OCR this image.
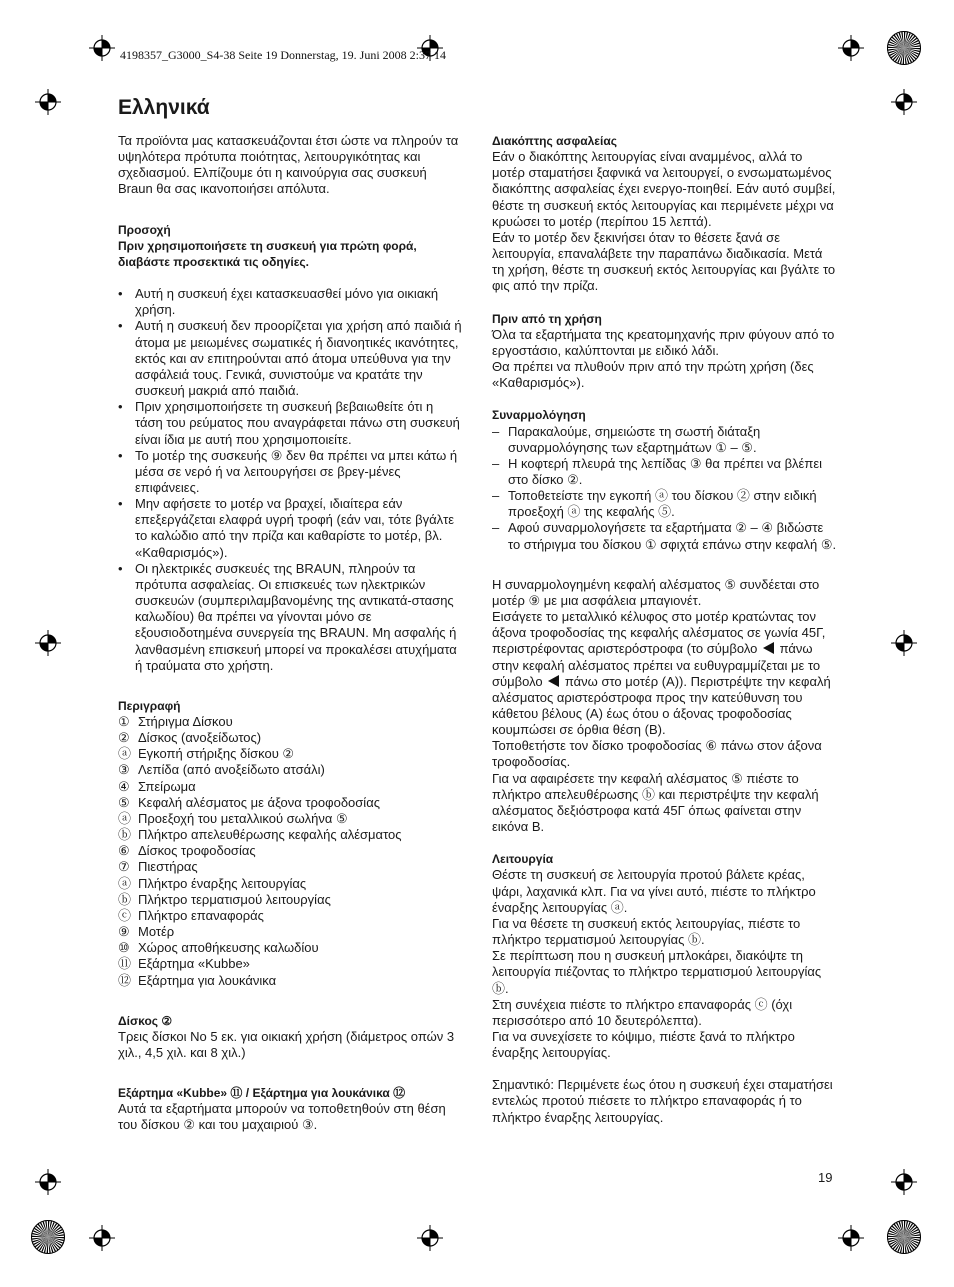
4198357_G3000_S4-38 Seite 19 Donnerstag, 19. Juni 2008 2:37 14
Ελληνικά

Τα προϊόντα μας κατασκευάζονται έτσι ώστε να πληρούν τα υψηλότερα πρότυπα ποιότητας, λειτουργικότητας και σχεδιασμού. Ελπίζουμε ότι η καινούργια σας συσκευή Braun θα σας ικανοποιήσει απόλυτα.

Προσοχή

Πριν χρησιμοποιήσετε τη συσκευή για πρώτη φορά, διαβάστε προσεκτικά τις οδηγίες.

• Αυτή η συσκευή έχει κατασκευασθεί μόνο για οικιακή χρήση.
• Αυτή η συσκευή δεν προορίζεται για χρήση από παιδιά ή άτομα με μειωμένες σωματικές ή διανοητικές ικανότητες, εκτός και αν επιτηρούνται από άτομα υπεύθυνα για την ασφάλειά τους. Γενικά, συνιστούμε να κρατάτε την συσκευή μακριά από παιδιά.
• Πριν χρησιμοποιήσετε τη συσκευή βεβαιωθείτε ότι η τάση του ρεύματος που αναγράφεται πάνω στη συσκευή είναι ίδια με αυτή που χρησιμοποιείτε.
• Το μοτέρ της συσκευής ⑨ δεν θα πρέπει να μπει κάτω ή μέσα σε νερό ή να λειτουργήσει σε βρεγ-μένες επιφάνειες.
• Μην αφήσετε το μοτέρ να βραχεί, ιδιαίτερα εάν επεξεργάζεται ελαφρά υγρή τροφή (εάν ναι, τότε βγάλτε το καλώδιο από την πρίζα και καθαρίστε το μοτέρ, βλ. «Καθαρισμός»).
• Οι ηλεκτρικές συσκευές της BRAUN, πληρούν τα πρότυπα ασφαλείας. Οι επισκευές των ηλεκτρικών συσκευών (συμπεριλαμβανομένης της αντικατά-στασης καλωδίου) θα πρέπει να γίνονται μόνο σε εξουσιοδοτημένα συνεργεία της BRAUN. Μη ασφαλής ή λανθασμένη επισκευή μπορεί να προκαλέσει ατυχήματα ή τραύματα στο χρήστη.

Περιγραφή

① Στήριγμα Δίσκου
② Δίσκος (ανοξείδωτος)
ⓐ Εγκοπή στήριξης δίσκου ②
③ Λεπίδα (από ανοξείδωτο ατσάλι)
④ Σπείρωμα
⑤ Κεφαλή αλέσματος με άξονα τροφοδοσίας
ⓐ Προεξοχή του μεταλλικού σωλήνα ⑤
ⓑ Πλήκτρο απελευθέρωσης κεφαλής αλέσματος
⑥ Δίσκος τροφοδοσίας
⑦ Πιεστήρας
ⓐ Πλήκτρο έναρξης λειτουργίας
ⓑ Πλήκτρο τερματισμού λειτουργίας
ⓒ Πλήκτρο επαναφοράς
⑨ Μοτέρ
⑩ Χώρος αποθήκευσης καλωδίου
⑪ Εξάρτημα «Kubbe»
⑫ Εξάρτημα για λουκάνικα

Δίσκος ②

Τρεις δίσκοι No 5 εκ. για οικιακή χρήση (διάμετρος οπών 3 χιλ., 4,5 χιλ. και 8 χιλ.)

Εξάρτημα «Kubbe» ⑪ / Εξάρτημα για λουκάνικα ⑫

Αυτά τα εξαρτήματα μπορούν να τοποθετηθούν στη θέση του δίσκου ② και του μαχαιριού ③.

Διακόπτης ασφαλείας

Εάν ο διακόπτης λειτουργίας είναι αναμμένος, αλλά το μοτέρ σταματήσει ξαφνικά να λειτουργεί, ο ενσωματωμένος διακόπτης ασφαλείας έχει ενεργο-ποιηθεί. Εάν αυτό συμβεί, θέστε τη συσκευή εκτός λειτουργίας και περιμένετε μέχρι να κρυώσει το μοτέρ (περίπου 15 λεπτά).

Εάν το μοτέρ δεν ξεκινήσει όταν το θέσετε ξανά σε λειτουργία, επαναλάβετε την παραπάνω διαδικασία. Μετά τη χρήση, θέστε τη συσκευή εκτός λειτουργίας και βγάλτε το φις από την πρίζα.

Πριν από τη χρήση

Όλα τα εξαρτήματα της κρεατομηχανής πριν φύγουν από το εργοστάσιο, καλύπτονται με ειδικό λάδι.

Θα πρέπει να πλυθούν πριν από την πρώτη χρήση (δες «Καθαρισμός»).

Συναρμολόγηση

– Παρακαλούμε, σημειώστε τη σωστή διάταξη συναρμολόγησης των εξαρτημάτων ① – ⑤.
– Η κοφτερή πλευρά της λεπίδας ③ θα πρέπει να βλέπει στο δίσκο ②.
– Τοποθετείστε την εγκοπή ⓐ του δίσκου ② στην ειδική προεξοχή ⓐ της κεφαλής ⑤.
– Αφού συναρμολογήσετε τα εξαρτήματα ② – ④ βιδώστε το στήριγμα του δίσκου ① σφιχτά επάνω στην κεφαλή ⑤.

Η συναρμολογημένη κεφαλή αλέσματος ⑤ συνδέεται στο μοτέρ ⑨ με μια ασφάλεια μπαγιονέτ.

Εισάγετε το μεταλλικό κέλυφος στο μοτέρ κρατώντας τον άξονα τροφοδοσίας της κεφαλής αλέσματος σε γωνία 45Γ, περιστρέφοντας αριστερόστροφα (το σύμβολο πάνω στην κεφαλή αλέσματος πρέπει να ευθυγραμμίζεται με το σύμβολο πάνω στο μοτέρ (A)). Περιστρέψτε την κεφαλή αλέσματος αριστερόστροφα προς την κατεύθυνση του κάθετου βέλους (A) έως ότου ο άξονας τροφοδοσίας κουμπώσει σε όρθια θέση (B).

Τοποθετήστε τον δίσκο τροφοδοσίας ⑥ πάνω στον άξονα τροφοδοσίας.

Για να αφαιρέσετε την κεφαλή αλέσματος ⑤ πιέστε το πλήκτρο απελευθέρωσης ⓑ και περιστρέψτε την κεφαλή αλέσματος δεξιόστροφα κατά 45Γ όπως φαίνεται στην εικόνα B.

Λειτουργία

Θέστε τη συσκευή σε λειτουργία προτού βάλετε κρέας, ψάρι, λαχανικά κλπ. Για να γίνει αυτό, πιέστε το πλήκτρο έναρξης λειτουργίας ⓐ.

Για να θέσετε τη συσκευή εκτός λειτουργίας, πιέστε το πλήκτρο τερματισμού λειτουργίας ⓑ.

Σε περίπτωση που η συσκευή μπλοκάρει, διακόψτε τη λειτουργία πιέζοντας το πλήκτρο τερματισμού λειτουργίας ⓑ.

Στη συνέχεια πιέστε το πλήκτρο επαναφοράς ⓒ (όχι περισσότερο από 10 δευτερόλεπτα).

Για να συνεχίσετε το κόψιμο, πιέστε ξανά το πλήκτρο έναρξης λειτουργίας.

Σημαντικό: Περιμένετε έως ότου η συσκευή έχει σταματήσει εντελώς προτού πιέσετε το πλήκτρο επαναφοράς ή το πλήκτρο έναρξης λειτουργίας.

19
